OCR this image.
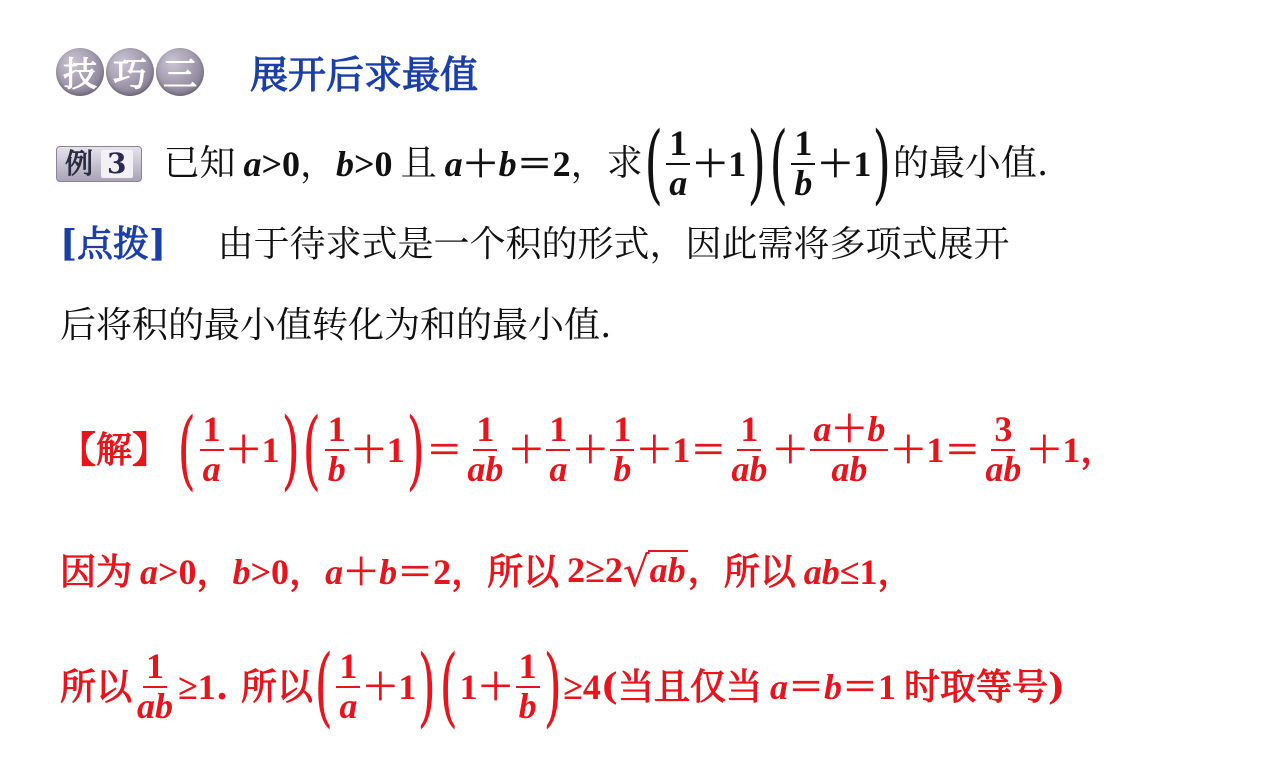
技 巧 三 展开后求最值
例 3 已知 a>0，b>0 且 a＋b＝2， 求 ( $\frac{1}{a} +1$ ) ( $\frac{1}{b} +1$ ) 的最小值.
[点拨] 由于待求式是一个积的形式，因此需将多项式展开
后将积的最小值转化为和的最小值.
【解】 ( $\frac{1}{a} +1$ ) ( $\frac{1}{b} +1$ ) ＝ $\frac{1}{ab} + \frac{1}{a} + \frac{1}{b} +1= \frac{1}{ab} + \frac{a+b}{ab} +1= \frac{3}{ab} +1$，
因为 a>0，b>0，a＋b＝2， 所以 2≥2√ab， 所以 ab≤1，
所以 $\frac{1}{ab} \ge 1$ . 所以 ( $\frac{1}{a} +1$ ) ( $1+ \frac{1}{b}$ ) ≥4 (当且仅当 a＝b＝1 时取等号)
